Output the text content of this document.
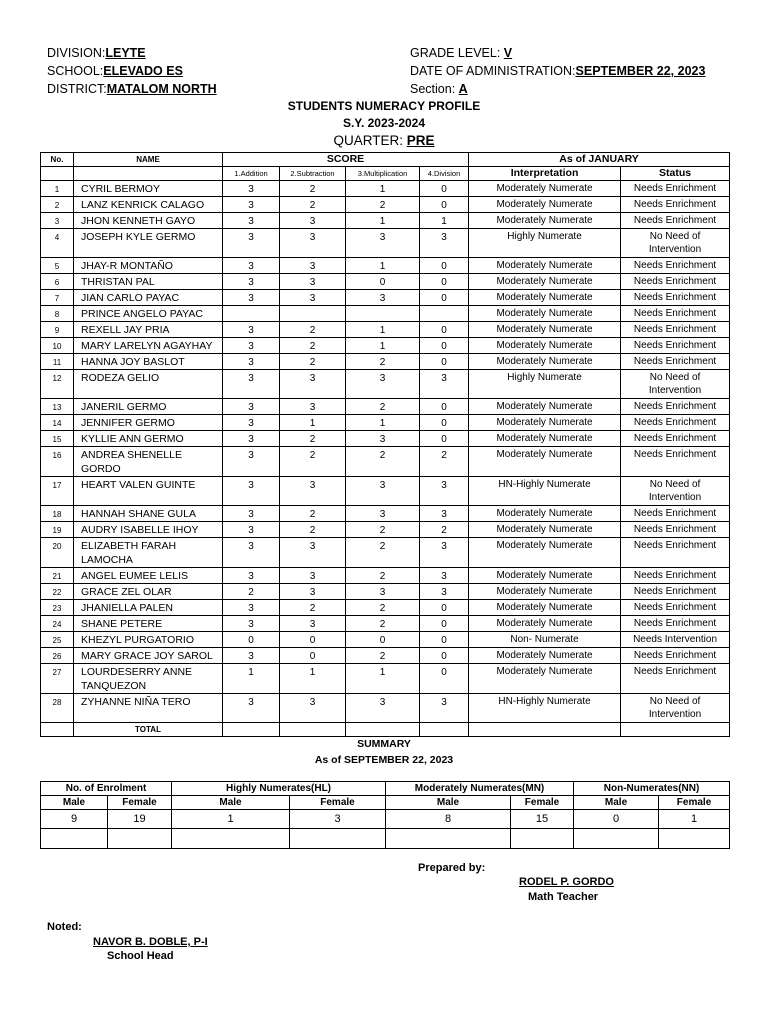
DIVISION:LEYTE
SCHOOL:ELEVADO ES
DISTRICT:MATALOM NORTH
GRADE LEVEL: V
DATE OF ADMINISTRATION:SEPTEMBER 22, 2023
Section: A
STUDENTS NUMERACY PROFILE
S.Y. 2023-2024
QUARTER: PRE
No.	NAME	SCORE				As of JANUARY	
		1.Addition	2.Subtraction	3.Multiplication	4.Division	Interpretation	Status
1	CYRIL BERMOY	3	2	1	0	Moderately Numerate	Needs Enrichment
2	LANZ KENRICK CALAGO	3	2	2	0	Moderately Numerate	Needs Enrichment
3	JHON KENNETH GAYO	3	3	1	1	Moderately Numerate	Needs Enrichment
4	JOSEPH KYLE GERMO	3	3	3	3	Highly Numerate	No Need of Intervention
5	JHAY-R MONTAÑO	3	3	1	0	Moderately Numerate	Needs Enrichment
6	THRISTAN PAL	3	3	0	0	Moderately Numerate	Needs Enrichment
7	JIAN CARLO PAYAC	3	3	3	0	Moderately Numerate	Needs Enrichment
8	PRINCE ANGELO PAYAC					Moderately Numerate	Needs Enrichment
9	REXELL JAY PRIA	3	2	1	0	Moderately Numerate	Needs Enrichment
10	MARY LARELYN AGAYHAY	3	2	1	0	Moderately Numerate	Needs Enrichment
11	HANNA JOY BASLOT	3	2	2	0	Moderately Numerate	Needs Enrichment
12	RODEZA GELIO	3	3	3	3	Highly Numerate	No Need of Intervention
13	JANERIL GERMO	3	3	2	0	Moderately Numerate	Needs Enrichment
14	JENNIFER GERMO	3	1	1	0	Moderately Numerate	Needs Enrichment
15	KYLLIE ANN GERMO	3	2	3	0	Moderately Numerate	Needs Enrichment
16	ANDREA SHENELLE GORDO	3	2	2	2	Moderately Numerate	Needs Enrichment
17	HEART VALEN GUINTE	3	3	3	3	HN-Highly Numerate	No Need of Intervention
18	HANNAH SHANE GULA	3	2	3	3	Moderately Numerate	Needs Enrichment
19	AUDRY ISABELLE IHOY	3	2	2	2	Moderately Numerate	Needs Enrichment
20	ELIZABETH FARAH LAMOCHA	3	3	2	3	Moderately Numerate	Needs Enrichment
21	ANGEL EUMEE LELIS	3	3	2	3	Moderately Numerate	Needs Enrichment
22	GRACE ZEL OLAR	2	3	3	3	Moderately Numerate	Needs Enrichment
23	JHANIELLA PALEN	3	2	2	0	Moderately Numerate	Needs Enrichment
24	SHANE PETERE	3	3	2	0	Moderately Numerate	Needs Enrichment
25	KHEZYL PURGATORIO	0	0	0	0	Non- Numerate	Needs Intervention
26	MARY GRACE JOY SAROL	3	0	2	0	Moderately Numerate	Needs Enrichment
27	LOURDESERRY ANNE TANQUEZON	1	1	1	0	Moderately Numerate	Needs Enrichment
28	ZYHANNE NIÑA TERO	3	3	3	3	HN-Highly Numerate	No Need of Intervention
	TOTAL						
SUMMARY
As of SEPTEMBER 22, 2023
No. of Enrolment		Highly Numerates(HL)		Moderately Numerates(MN)		Non-Numerates(NN)	
Male	Female	Male	Female	Male	Female	Male	Female
9	19	1	3	8	15	0	1

Prepared by:
RODEL P. GORDO
Math Teacher
Noted:
NAVOR B. DOBLE, P-I
School Head
